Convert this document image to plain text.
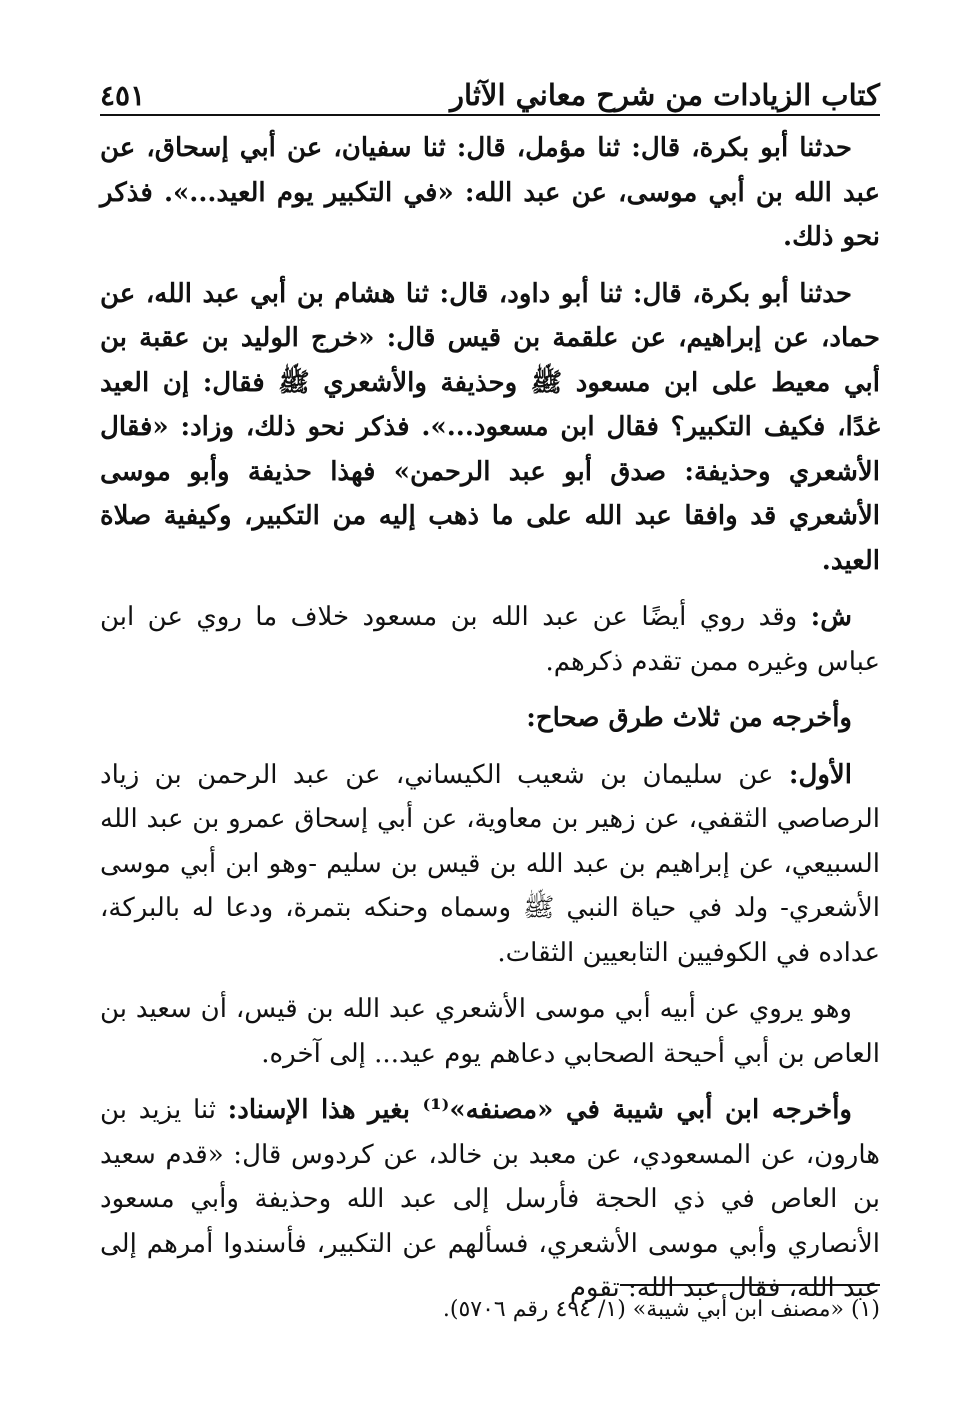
كتاب الزيادات من شرح معاني الآثار
٤٥١

حدثنا أبو بكرة، قال: ثنا مؤمل، قال: ثنا سفيان، عن أبي إسحاق، عن عبد الله بن أبي موسى، عن عبد الله: «في التكبير يوم العيد...». فذكر نحو ذلك.

حدثنا أبو بكرة، قال: ثنا أبو داود، قال: ثنا هشام بن أبي عبد الله، عن حماد، عن إبراهيم، عن علقمة بن قيس قال: «خرج الوليد بن عقبة بن أبي معيط على ابن مسعود ﷺ وحذيفة والأشعري ﷺ فقال: إن العيد غدًا، فكيف التكبير؟ فقال ابن مسعود...». فذكر نحو ذلك، وزاد: «فقال الأشعري وحذيفة: صدق أبو عبد الرحمن» فهذا حذيفة وأبو موسى الأشعري قد وافقا عبد الله على ما ذهب إليه من التكبير، وكيفية صلاة العيد.

ش: وقد روي أيضًا عن عبد الله بن مسعود خلاف ما روي عن ابن عباس وغيره ممن تقدم ذكرهم.

وأخرجه من ثلاث طرق صحاح:

الأول: عن سليمان بن شعيب الكيساني، عن عبد الرحمن بن زياد الرصاصي الثقفي، عن زهير بن معاوية، عن أبي إسحاق عمرو بن عبد الله السبيعي، عن إبراهيم بن عبد الله بن قيس بن سليم -وهو ابن أبي موسى الأشعري- ولد في حياة النبي ﷺ وسماه وحنكه بتمرة، ودعا له بالبركة، عداده في الكوفيين التابعيين الثقات.

وهو يروي عن أبيه أبي موسى الأشعري عبد الله بن قيس، أن سعيد بن العاص بن أبي أحيحة الصحابي دعاهم يوم عيد... إلى آخره.

وأخرجه ابن أبي شيبة في «مصنفه»⁽¹⁾ بغير هذا الإسناد: ثنا يزيد بن هارون، عن المسعودي، عن معبد بن خالد، عن كردوس قال: «قدم سعيد بن العاص في ذي الحجة فأرسل إلى عبد الله وحذيفة وأبي مسعود الأنصاري وأبي موسى الأشعري، فسألهم عن التكبير، فأسندوا أمرهم إلى عبد الله، فقال عبد الله: تقوم

(١) «مصنف ابن أبي شيبة» (١/ ٤٩٤ رقم ٥٧٠٦).
